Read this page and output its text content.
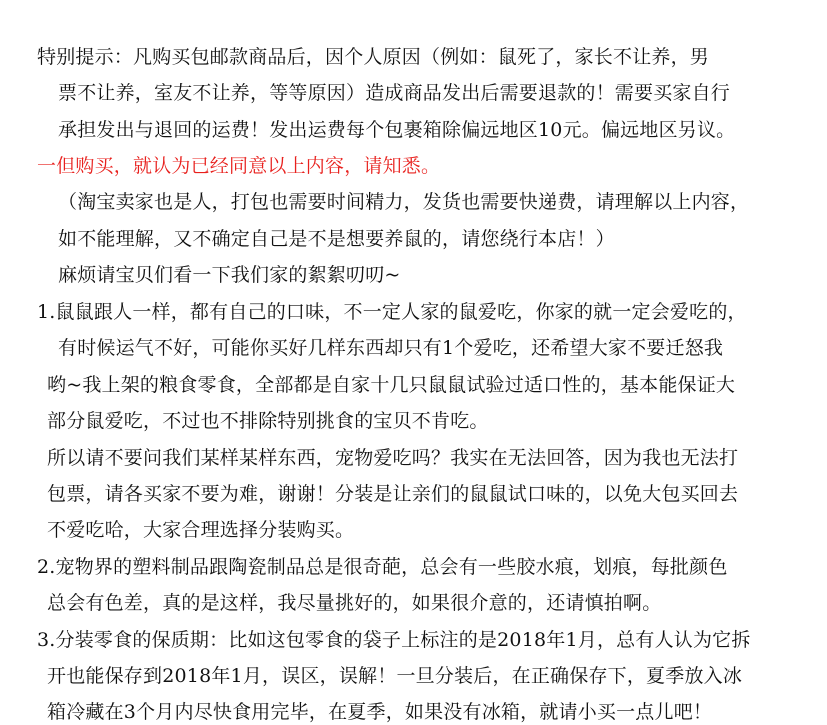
特别提示：凡购买包邮款商品后，因个人原因（例如：鼠死了，家长不让养，男
票不让养，室友不让养，等等原因）造成商品发出后需要退款的！需要买家自行
承担发出与退回的运费！发出运费每个包裹箱除偏远地区10元。偏远地区另议。
一但购买，就认为已经同意以上内容，请知悉。
（淘宝卖家也是人，打包也需要时间精力，发货也需要快递费，请理解以上内容，
如不能理解，又不确定自己是不是想要养鼠的，请您绕行本店！）
麻烦请宝贝们看一下我们家的絮絮叨叨~
1.鼠鼠跟人一样，都有自己的口味，不一定人家的鼠爱吃，你家的就一定会爱吃的，
有时候运气不好，可能你买好几样东西却只有1个爱吃，还希望大家不要迁怒我
哟~我上架的粮食零食，全部都是自家十几只鼠鼠试验过适口性的，基本能保证大
部分鼠爱吃，不过也不排除特别挑食的宝贝不肯吃。
所以请不要问我们某样某样东西，宠物爱吃吗？我实在无法回答，因为我也无法打
包票，请各买家不要为难，谢谢！分装是让亲们的鼠鼠试口味的，以免大包买回去
不爱吃哈，大家合理选择分装购买。
2.宠物界的塑料制品跟陶瓷制品总是很奇葩，总会有一些胶水痕，划痕，每批颜色
总会有色差，真的是这样，我尽量挑好的，如果很介意的，还请慎拍啊。
3.分装零食的保质期：比如这包零食的袋子上标注的是2018年1月，总有人认为它拆
开也能保存到2018年1月，误区，误解！一旦分装后，在正确保存下，夏季放入冰
箱冷藏在3个月内尽快食用完毕，在夏季，如果没有冰箱，就请小买一点儿吧！
